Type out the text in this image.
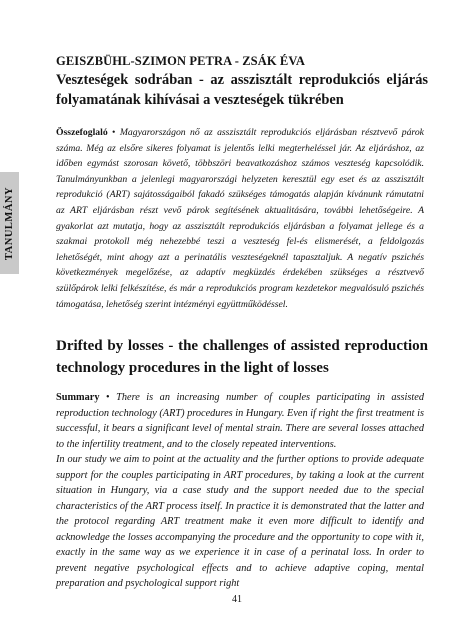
TANULMÁNY
GEISZBÜHL-SZIMON PETRA - ZSÁK ÉVA
Veszteségek sodrában - az asszisztált reprodukciós eljárás folyamatának kihívásai a veszteségek tükrében
Összefoglaló • Magyarországon nő az asszisztált reprodukciós eljárásban résztvevő párok száma. Még az elsőre sikeres folyamat is jelentős lelki megterheléssel jár. Az eljáráshoz, az időben egymást szorosan követő, többszöri beavatkozáshoz számos veszteség kapcsolódik. Tanulmányunkban a jelenlegi magyarországi helyzeten keresztül egy eset és az asszisztált reprodukció (ART) sajátosságaiból fakadó szükséges támogatás alapján kívánunk rámutatni az ART eljárásban részt vevő párok segítésének aktualitására, további lehetőségeire. A gyakorlat azt mutatja, hogy az asszisztált reprodukciós eljárásban a folyamat jellege és a szakmai protokoll még nehezebbé teszi a veszteség fel-és elismerését, a feldolgozás lehetőségét, mint ahogy azt a perinatális veszteségeknél tapasztaljuk. A negatív pszichés következmények megelőzése, az adaptív megküzdés érdekében szükséges a résztvevő szülőpárok lelki felkészítése, és már a reprodukciós program kezdetekor megvalósuló pszichés támogatása, lehetőség szerint intézményi együttműködéssel.
Drifted by losses - the challenges of assisted reproduction technology procedures in the light of losses

Summary • There is an increasing number of couples participating in assisted reproduction technology (ART) procedures in Hungary. Even if right the first treatment is successful, it bears a significant level of mental strain. There are several losses attached to the infertility treatment, and to the closely repeated interventions.

In our study we aim to point at the actuality and the further options to provide adequate support for the couples participating in ART procedures, by taking a look at the current situation in Hungary, via a case study and the support needed due to the special characteristics of the ART process itself. In practice it is demonstrated that the latter and the protocol regarding ART treatment make it even more difficult to identify and acknowledge the losses accompanying the procedure and the opportunity to cope with it, exactly in the same way as we experience it in case of a perinatal loss. In order to prevent negative psychological effects and to achieve adaptive coping, mental preparation and psychological support right

41
